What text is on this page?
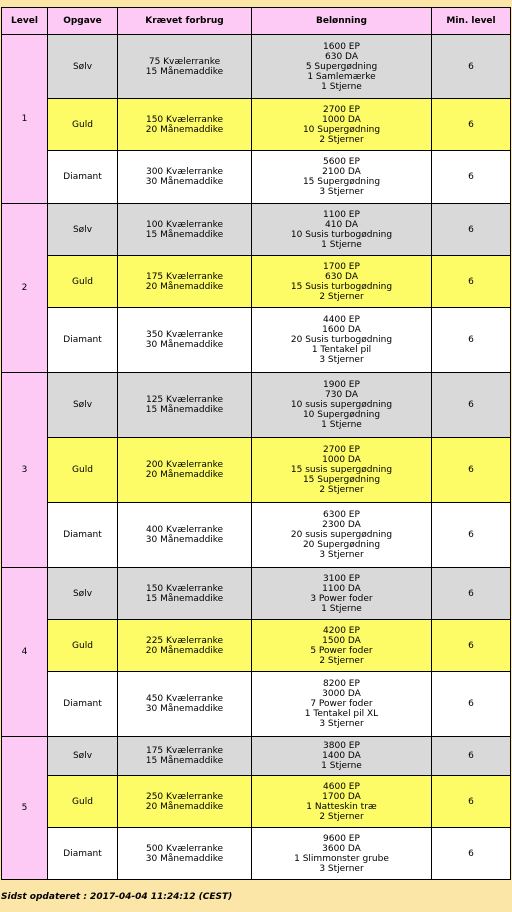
Level	Opgave	Krævet forbrug	Belønning	Min. level
1	Sølv	75 Kvælerranke
15 Månemaddike	1600 EP
630 DA
5 Supergødning
1 Samlemærke
1 Stjerne	6
	Guld	150 Kvælerranke
20 Månemaddike	2700 EP
1000 DA
10 Supergødning
2 Stjerner	6
	Diamant	300 Kvælerranke
30 Månemaddike	5600 EP
2100 DA
15 Supergødning
3 Stjerner	6
2	Sølv	100 Kvælerranke
15 Månemaddike	1100 EP
410 DA
10 Susis turbogødning
1 Stjerne	6
	Guld	175 Kvælerranke
20 Månemaddike	1700 EP
630 DA
15 Susis turbogødning
2 Stjerner	6
	Diamant	350 Kvælerranke
30 Månemaddike	4400 EP
1600 DA
20 Susis turbogødning
1 Tentakel pil
3 Stjerner	6
3	Sølv	125 Kvælerranke
15 Månemaddike	1900 EP
730 DA
10 susis supergødning
10 Supergødning
1 Stjerne	6
	Guld	200 Kvælerranke
20 Månemaddike	2700 EP
1000 DA
15 susis supergødning
15 Supergødning
2 Stjerner	6
	Diamant	400 Kvælerranke
30 Månemaddike	6300 EP
2300 DA
20 susis supergødning
20 Supergødning
3 Stjerner	6
4	Sølv	150 Kvælerranke
15 Månemaddike	3100 EP
1100 DA
3 Power foder
1 Stjerne	6
	Guld	225 Kvælerranke
20 Månemaddike	4200 EP
1500 DA
5 Power foder
2 Stjerner	6
	Diamant	450 Kvælerranke
30 Månemaddike	8200 EP
3000 DA
7 Power foder
1 Tentakel pil XL
3 Stjerner	6
5	Sølv	175 Kvælerranke
15 Månemaddike	3800 EP
1400 DA
1 Stjerne	6
	Guld	250 Kvælerranke
20 Månemaddike	4600 EP
1700 DA
1 Natteskin træ
2 Stjerner	6
	Diamant	500 Kvælerranke
30 Månemaddike	9600 EP
3600 DA
1 Slimmonster grube
3 Stjerner	6
Sidst opdateret : 2017-04-04 11:24:12 (CEST)
